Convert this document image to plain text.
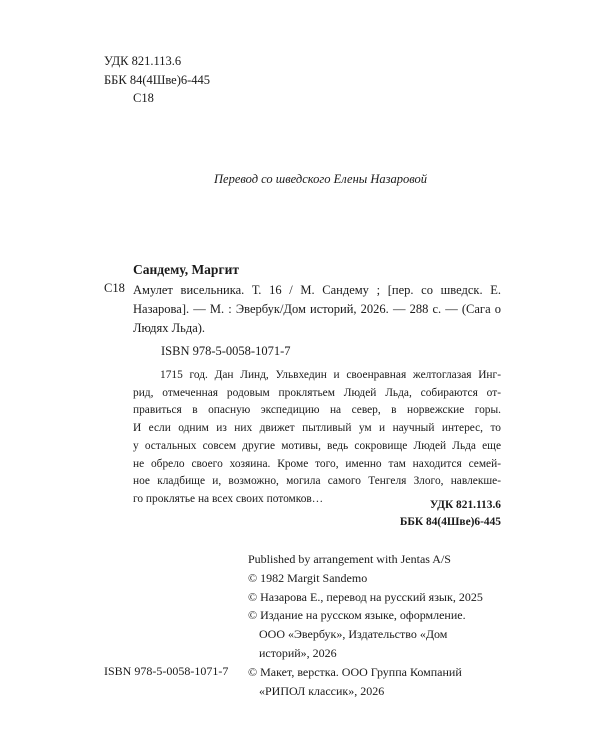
УДК 821.113.6
ББК 84(4Шве)6-445
С18
Перевод со шведского Елены Назаровой
Сандему, Маргит
С18 Амулет висельника. Т. 16 / М. Сандему ; [пер. со шведск. Е. Назарова]. — М. : Эвербук/Дом историй, 2026. — 288 с. — (Сага о Людях Льда).
ISBN 978-5-0058-1071-7
1715 год. Дан Линд, Ульвхедин и своенравная желтоглазая Инг-
рид, отмеченная родовым проклятьем Людей Льда, собираются от-
правиться в опасную экспедицию на север, в норвежские горы.
И если одним из них движет пытливый ум и научный интерес, то
у остальных совсем другие мотивы, ведь сокровище Людей Льда еще
не обрело своего хозяина. Кроме того, именно там находится семей-
ное кладбище и, возможно, могила самого Тенгеля Злого, навлекше-
го проклятье на всех своих потомков…
УДК 821.113.6
ББК 84(4Шве)6-445
Published by arrangement with Jentas A/S
© 1982 Margit Sandemo
© Назарова Е., перевод на русский язык, 2025
© Издание на русском языке, оформление.
ООО «Эвербук», Издательство «Дом
историй», 2026
© Макет, верстка. ООО Группа Компаний
«РИПОЛ классик», 2026
ISBN 978-5-0058-1071-7
